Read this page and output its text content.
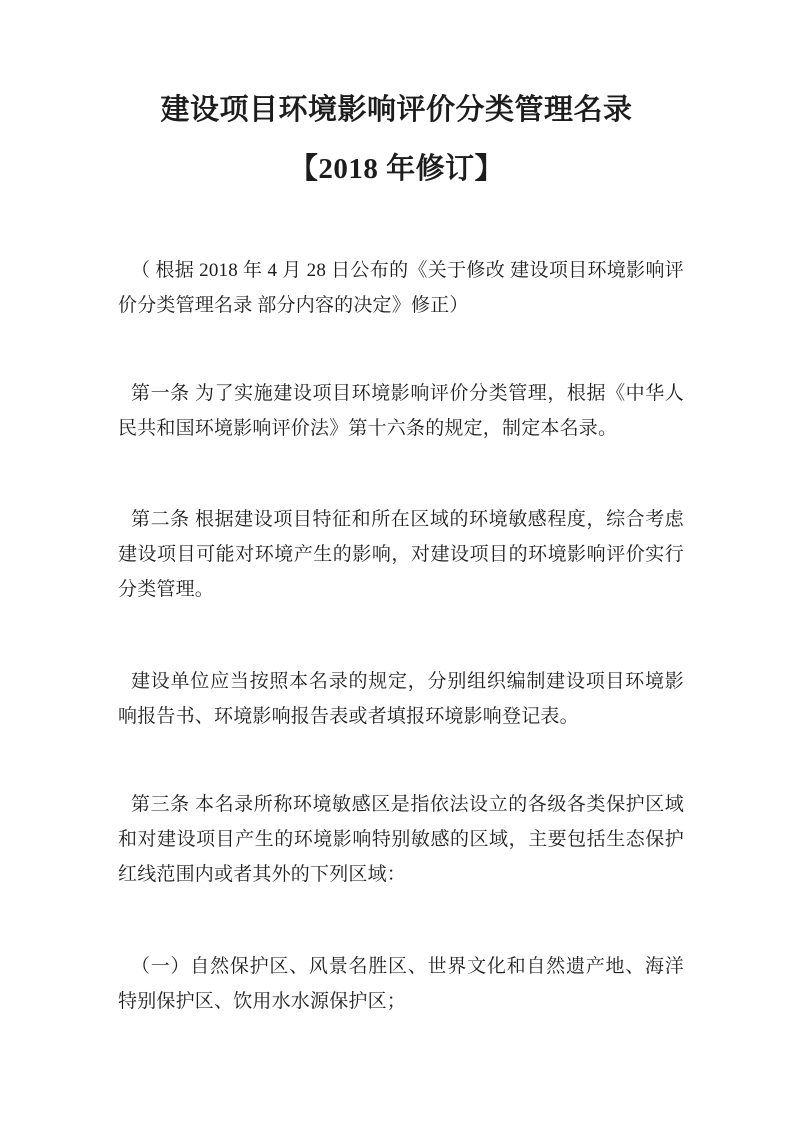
建设项目环境影响评价分类管理名录
【2018 年修订】

（ 根据 2018 年 4 月 28 日公布的《关于修改 建设项目环境影响评价分类管理名录 部分内容的决定》修正）

第一条 为了实施建设项目环境影响评价分类管理，根据《中华人民共和国环境影响评价法》第十六条的规定，制定本名录。

第二条 根据建设项目特征和所在区域的环境敏感程度，综合考虑建设项目可能对环境产生的影响，对建设项目的环境影响评价实行分类管理。

建设单位应当按照本名录的规定，分别组织编制建设项目环境影响报告书、环境影响报告表或者填报环境影响登记表。

第三条 本名录所称环境敏感区是指依法设立的各级各类保护区域和对建设项目产生的环境影响特别敏感的区域，主要包括生态保护红线范围内或者其外的下列区域：

（一）自然保护区、风景名胜区、世界文化和自然遗产地、海洋特别保护区、饮用水水源保护区；
